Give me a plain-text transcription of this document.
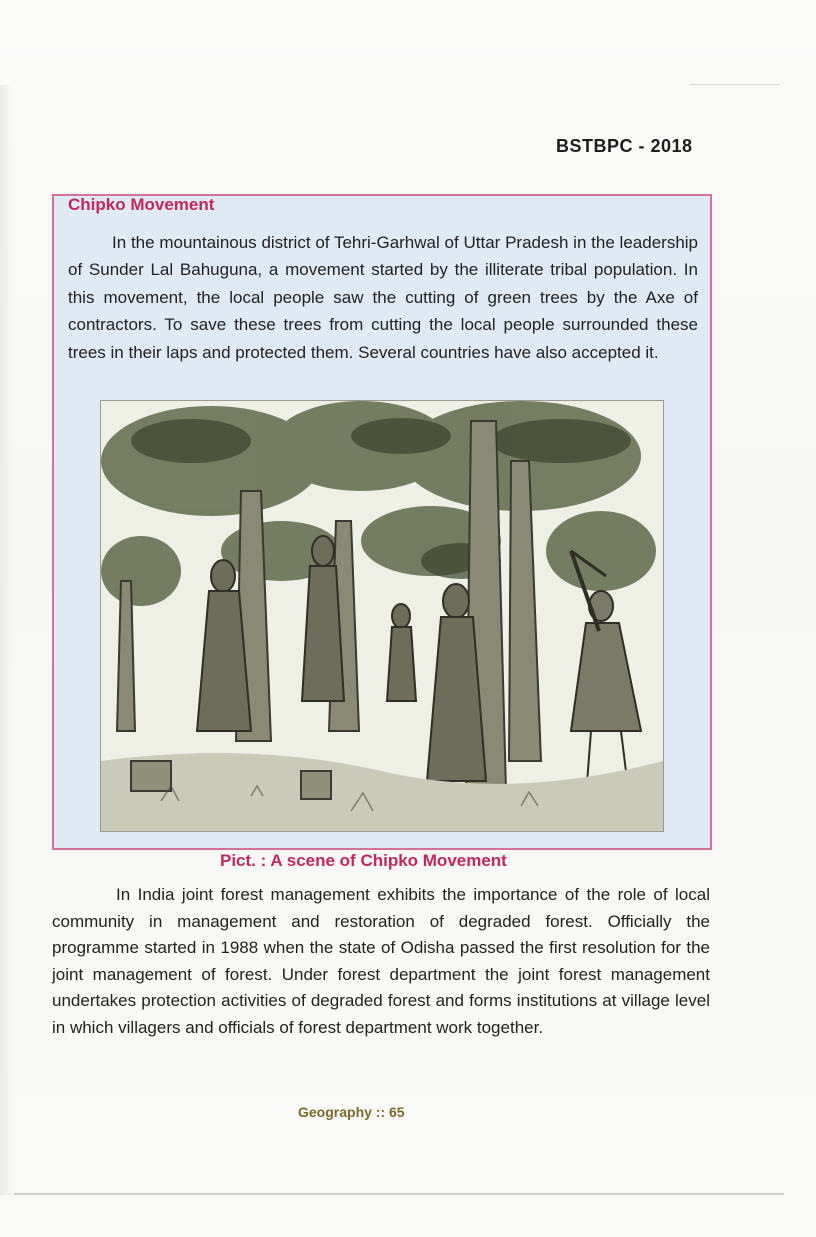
BSTBPC - 2018
Chipko Movement
In the mountainous district of Tehri-Garhwal of Uttar Pradesh in the leadership of Sunder Lal Bahuguna, a movement started by the illiterate tribal population. In this movement, the local people saw the cutting of green trees by the Axe of contractors. To save these trees from cutting the local people surrounded these trees in their laps and protected them. Several countries have also accepted it.
Pict. : A scene of Chipko Movement
In India joint forest management exhibits the importance of the role of local community in management and restoration of degraded forest. Officially the programme started in 1988 when the state of Odisha passed the first resolution for the joint management of forest. Under forest department the joint forest management undertakes protection activities of degraded forest and forms institutions at village level in which villagers and officials of forest department work together.
Geography :: 65
